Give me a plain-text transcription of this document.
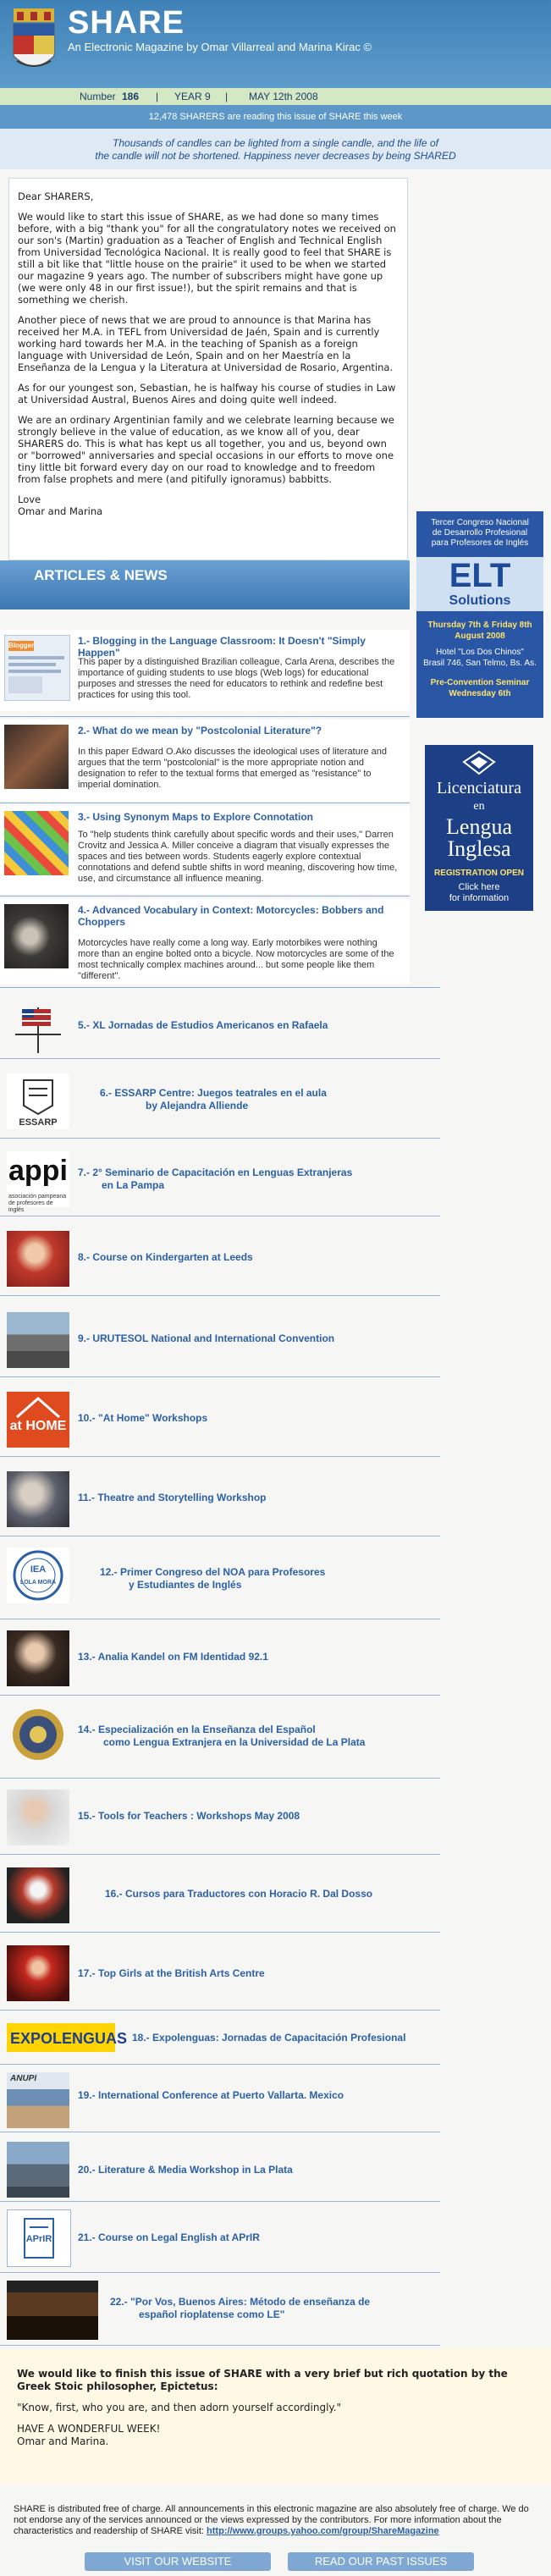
SHARE
An Electronic Magazine by Omar Villarreal and Marina Kirac ©
Number 186 | YEAR 9 | MAY 12th 2008
12,478 SHARERS are reading this issue of SHARE this week
Thousands of candles can be lighted from a single candle, and the life of
the candle will not be shortened. Happiness never decreases by being SHARED

Dear SHARERS,

We would like to start this issue of SHARE, as we had done so many times before, with a big "thank you" for all the congratulatory notes we received on our son's (Martin) graduation as a Teacher of English and Technical English from Universidad Tecnológica Nacional. It is really good to feel that SHARE is still a bit like that "little house on the prairie" it used to be when we started our magazine 9 years ago. The number of subscribers might have gone up (we were only 48 in our first issue!), but the spirit remains and that is something we cherish.

Another piece of news that we are proud to announce is that Marina has received her M.A. in TEFL from Universidad de Jaén, Spain and is currently working hard towards her M.A. in the teaching of Spanish as a foreign language with Universidad de León, Spain and on her Maestría en la Enseñanza de la Lengua y la Literatura at Universidad de Rosario, Argentina.

As for our youngest son, Sebastian, he is halfway his course of studies in Law at Universidad Austral, Buenos Aires and doing quite well indeed.

We are an ordinary Argentinian family and we celebrate learning because we strongly believe in the value of education, as we know all of you, dear SHARERS do. This is what has kept us all together, you and us, beyond own or "borrowed" anniversaries and special occasions in our efforts to move one tiny little bit forward every day on our road to knowledge and to freedom from false prophets and mere (and pitifully ignoramus) babbitts.

Love
Omar and Marina
Tercer Congreso Nacional
de Desarrollo Profesional
para Profesores de Inglés
ELT
Solutions
Thursday 7th & Friday 8th
August 2008
Hotel "Los Dos Chinos"
Brasil 746, San Telmo, Bs. As.
Pre-Convention Seminar
Wednesday 6th
Licenciatura
en
Lengua
Inglesa
REGISTRATION OPEN
Click here
for information
ARTICLES & NEWS
Blogger	1.- Blogging in the Language Classroom: It Doesn't "Simply Happen"
This paper by a distinguished Brazilian colleague, Carla Arena, describes the importance of guiding students to use blogs (Web logs) for educational purposes and stresses the need for educators to rethink and redefine best practices for using this tool.
2.- What do we mean by "Postcolonial Literature"?
In this paper Edward O.Ako discusses the ideological uses of literature and argues that the term "postcolonial" is the more appropriate notion and designation to refer to the textual forms that emerged as "resistance" to imperial domination.
3.- Using Synonym Maps to Explore Connotation
To "help students think carefully about specific words and their uses," Darren Crovitz and Jessica A. Miller conceive a diagram that visually expresses the spaces and ties between words. Students eagerly explore contextual connotations and defend subtle shifts in word meaning, discovering how time, use, and circumstance all influence meaning.
4.- Advanced Vocabulary in Context: Motorcycles: Bobbers and Choppers
Motorcycles have really come a long way. Early motorbikes were nothing more than an engine bolted onto a bicycle. Now motorcycles are some of the most technically complex machines around... but some people like them "different".
5.- XL Jornadas de Estudios Americanos en Rafaela
ESSARP
6.- ESSARP Centre: Juegos teatrales en el aula
by Alejandra Alliende
appi
asociación pampeana de profesores de inglés
7.- 2° Seminario de Capacitación en Lenguas Extranjeras
en La Pampa
8.- Course on Kindergarten at Leeds
9.- URUTESOL National and International Convention
at HOME
10.- "At Home" Workshops
11.- Theatre and Storytelling Workshop
IEA
LOLA MORA
12.- Primer Congreso del NOA para Profesores
y Estudiantes de Inglés
13.- Analia Kandel on FM Identidad 92.1
14.- Especialización en la Enseñanza del Español
como Lengua Extranjera en la Universidad de La Plata
15.- Tools for Teachers : Workshops May 2008
16.- Cursos para Traductores con Horacio R. Dal Dosso
17.- Top Girls at the British Arts Centre
EXPOLENGUAS 18.- Expolenguas: Jornadas de Capacitación Profesional
ANUPI
19.- International Conference at Puerto Vallarta. Mexico
20.- Literature & Media Workshop in La Plata
APrIR	21.- Course on Legal English at APrIR
22.- "Por Vos, Buenos Aires: Método de enseñanza de
español rioplatense como LE"

We would like to finish this issue of SHARE with a very brief but rich quotation by the Greek Stoic philosopher, Epictetus:

"Know, first, who you are, and then adorn yourself accordingly."

HAVE A WONDERFUL WEEK!
Omar and Marina.
SHARE is distributed free of charge. All announcements in this electronic magazine are also absolutely free of charge. We do not endorse any of the services announced or the views expressed by the contributors. For more information about the characteristics and readership of SHARE visit: http://www.groups.yahoo.com/group/ShareMagazine
VISIT OUR WEBSITE	READ OUR PAST ISSUES
